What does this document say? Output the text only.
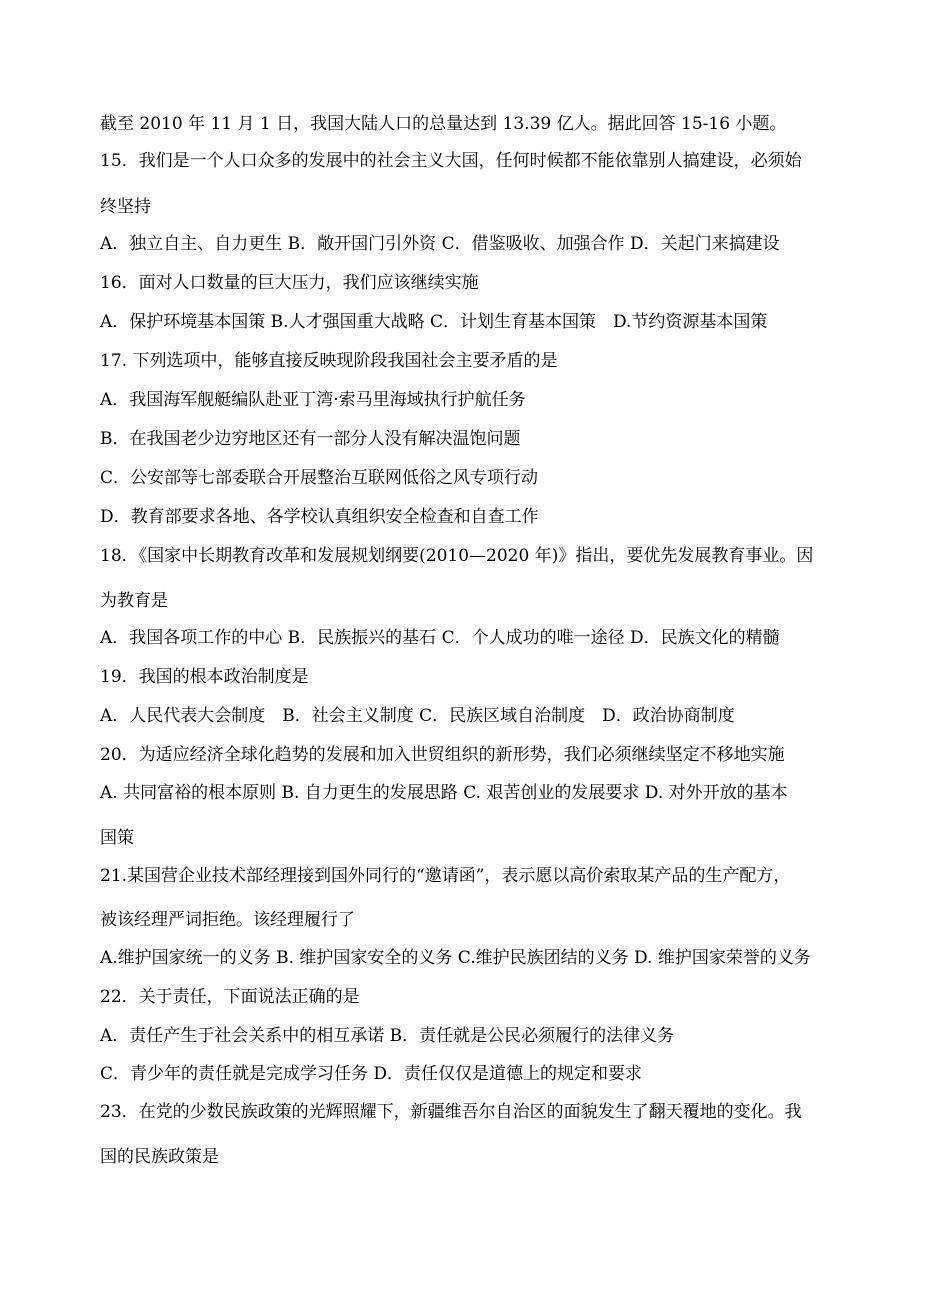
截至 2010 年 11 月 1 日，我国大陆人口的总量达到 13.39 亿人。据此回答 15-16 小题。
15．我们是一个人口众多的发展中的社会主义大国，任何时候都不能依靠别人搞建设，必须始
终坚持
A．独立自主、自力更生 B．敞开国门引外资 C．借鉴吸收、加强合作 D．关起门来搞建设
16．面对人口数量的巨大压力，我们应该继续实施
A．保护环境基本国策 B.人才强国重大战略 C．计划生育基本国策　D.节约资源基本国策
17. 下列选项中，能够直接反映现阶段我国社会主要矛盾的是
A．我国海军舰艇编队赴亚丁湾·索马里海域执行护航任务
B．在我国老少边穷地区还有一部分人没有解决温饱问题
C．公安部等七部委联合开展整治互联网低俗之风专项行动
D．教育部要求各地、各学校认真组织安全检查和自查工作
18．《国家中长期教育改革和发展规划纲要(2010—2020 年)》指出，要优先发展教育事业。因
为教育是
A．我国各项工作的中心 B．民族振兴的基石 C．个人成功的唯一途径 D．民族文化的精髓
19．我国的根本政治制度是
A．人民代表大会制度　B．社会主义制度 C．民族区域自治制度　D．政治协商制度
20．为适应经济全球化趋势的发展和加入世贸组织的新形势，我们必须继续坚定不移地实施
A. 共同富裕的根本原则 B. 自力更生的发展思路 C. 艰苦创业的发展要求 D. 对外开放的基本
国策
21.某国营企业技术部经理接到国外同行的“邀请函”，表示愿以高价索取某产品的生产配方，
被该经理严词拒绝。该经理履行了
A.维护国家统一的义务 B. 维护国家安全的义务 C.维护民族团结的义务 D. 维护国家荣誉的义务
22．关于责任，下面说法正确的是
A．责任产生于社会关系中的相互承诺 B．责任就是公民必须履行的法律义务
C．青少年的责任就是完成学习任务 D．责任仅仅是道德上的规定和要求
23．在党的少数民族政策的光辉照耀下，新疆维吾尔自治区的面貌发生了翻天覆地的变化。我
国的民族政策是
